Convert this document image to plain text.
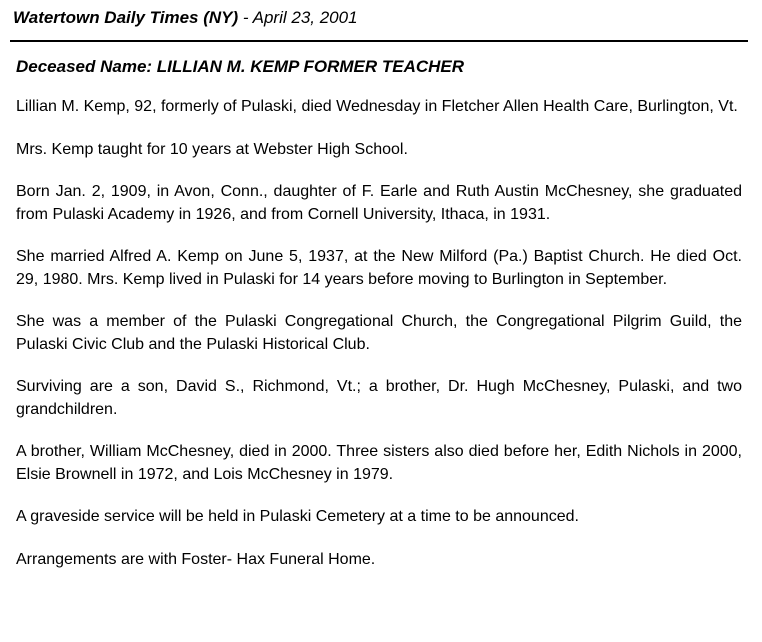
Watertown Daily Times (NY) - April 23, 2001
Deceased Name: LILLIAN M. KEMP FORMER TEACHER

Lillian M. Kemp, 92, formerly of Pulaski, died Wednesday in Fletcher Allen Health Care, Burlington, Vt.

Mrs. Kemp taught for 10 years at Webster High School.

Born Jan. 2, 1909, in Avon, Conn., daughter of F. Earle and Ruth Austin McChesney, she graduated from Pulaski Academy in 1926, and from Cornell University, Ithaca, in 1931.

She married Alfred A. Kemp on June 5, 1937, at the New Milford (Pa.) Baptist Church. He died Oct. 29, 1980. Mrs. Kemp lived in Pulaski for 14 years before moving to Burlington in September.

She was a member of the Pulaski Congregational Church, the Congregational Pilgrim Guild, the Pulaski Civic Club and the Pulaski Historical Club.

Surviving are a son, David S., Richmond, Vt.; a brother, Dr. Hugh McChesney, Pulaski, and two grandchildren.

A brother, William McChesney, died in 2000. Three sisters also died before her, Edith Nichols in 2000, Elsie Brownell in 1972, and Lois McChesney in 1979.

A graveside service will be held in Pulaski Cemetery at a time to be announced.

Arrangements are with Foster- Hax Funeral Home.
